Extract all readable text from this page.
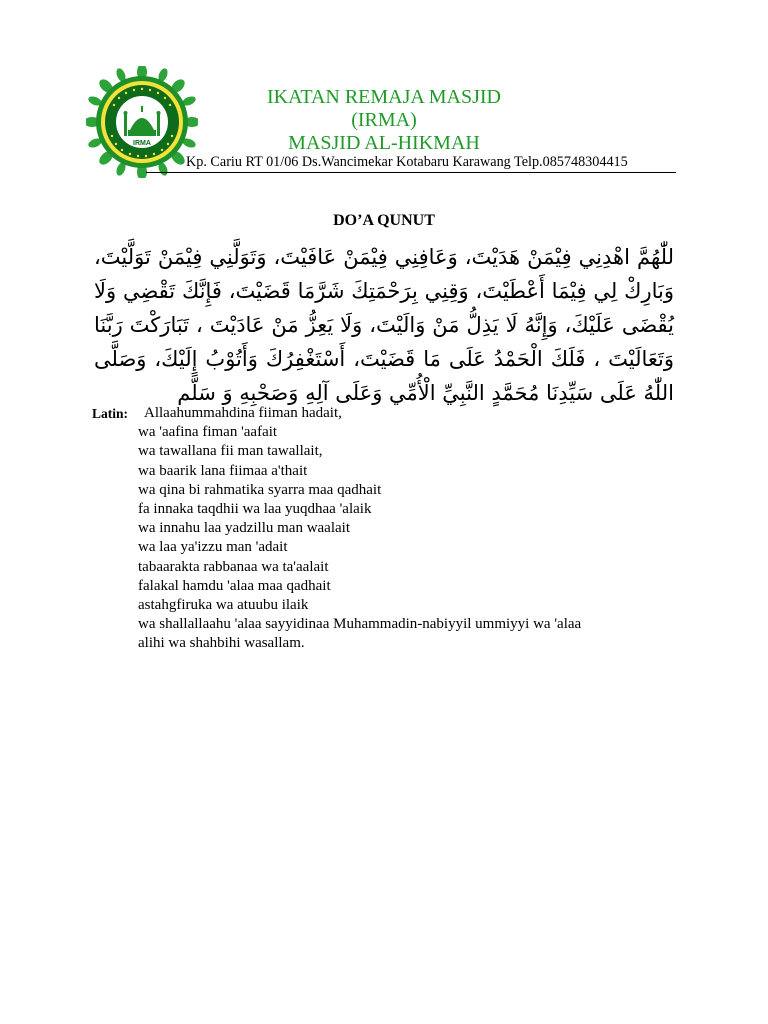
IRMA
IKATAN REMAJA MASJID
(IRMA)
MASJID AL-HIKMAH
Kp. Cariu RT 01/06 Ds.Wancimekar Kotabaru Karawang Telp.085748304415
DO’A QUNUT

للّٰهُمَّ اهْدِنِي فِيْمَنْ هَدَيْتَ، وَعَافِنِي فِيْمَنْ عَافَيْتَ، وَتَوَلَّنِي فِيْمَنْ تَوَلَّيْتَ، وَبَارِكْ لِي فِيْمَا أَعْطَيْتَ، وَقِنِي بِرَحْمَتِكَ شَرَّمَا قَضَيْتَ، فَإِنَّكَ تَقْضِي وَلَا يُقْضَى عَلَيْكَ، وَإِنَّهُ لَا يَذِلُّ مَنْ وَالَيْتَ، وَلَا يَعِزُّ مَنْ عَادَيْتَ ، تَبَارَكْتَ رَبَّنَا وَتَعَالَيْتَ ، فَلَكَ الْحَمْدُ عَلَى مَا قَضَيْتَ، أَسْتَغْفِرُكَ وَأَتُوْبُ إِلَيْكَ، وَصَلَّى اللّٰهُ عَلَى سَيِّدِنَا مُحَمَّدٍ النَّبِيِّ الْأُمِّي وَعَلَى آلِهِ وَصَحْبِهِ وَ سَلَّم

Latin: Allaahummahdina fiiman hadait,
wa 'aafina fiman 'aafait
wa tawallana fii man tawallait,
wa baarik lana fiimaa a'thait
wa qina bi rahmatika syarra maa qadhait
fa innaka taqdhii wa laa yuqdhaa 'alaik
wa innahu laa yadzillu man waalait
wa laa ya'izzu man 'adait
tabaarakta rabbanaa wa ta'aalait
falakal hamdu 'alaa maa qadhait
astahgfiruka wa atuubu ilaik
wa shallallaahu 'alaa sayyidinaa Muhammadin-nabiyyil ummiyyi wa 'alaa
alihi wa shahbihi wasallam.
